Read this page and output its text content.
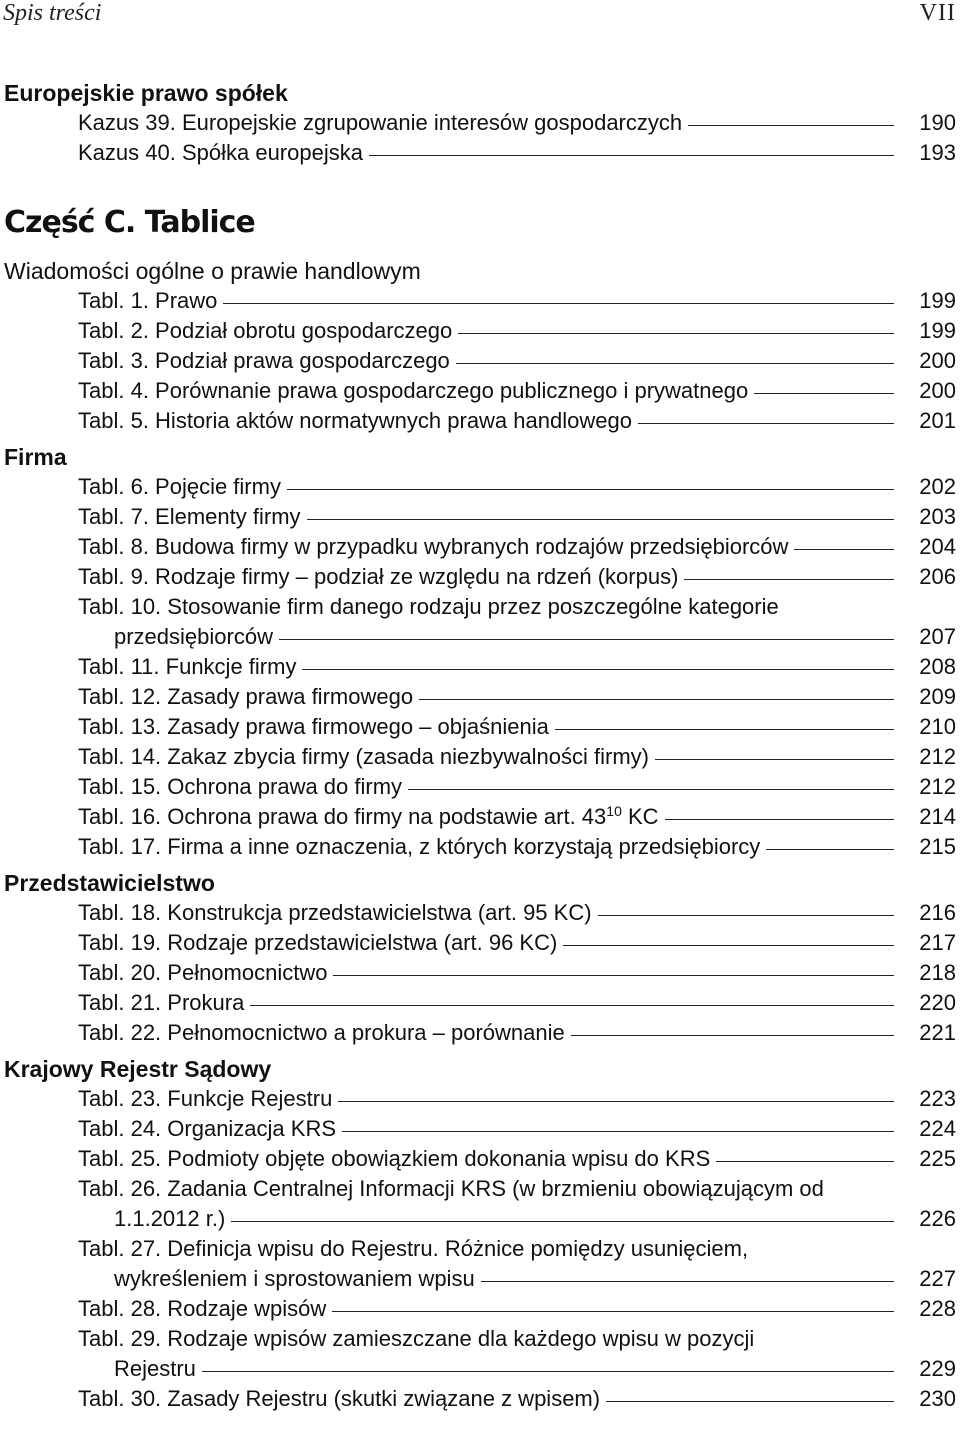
Spis treści	VII
Europejskie prawo spółek
Kazus 39. Europejskie zgrupowanie interesów gospodarczych	190
Kazus 40. Spółka europejska	193
Część C. Tablice
Wiadomości ogólne o prawie handlowym
Tabl. 1. Prawo	199
Tabl. 2. Podział obrotu gospodarczego	199
Tabl. 3. Podział prawa gospodarczego	200
Tabl. 4. Porównanie prawa gospodarczego publicznego i prywatnego	200
Tabl. 5. Historia aktów normatywnych prawa handlowego	201
Firma
Tabl. 6. Pojęcie firmy	202
Tabl. 7. Elementy firmy	203
Tabl. 8. Budowa firmy w przypadku wybranych rodzajów przedsiębiorców	204
Tabl. 9. Rodzaje firmy – podział ze względu na rdzeń (korpus)	206
Tabl. 10. Stosowanie firm danego rodzaju przez poszczególne kategorie
przedsiębiorców	207
Tabl. 11. Funkcje firmy	208
Tabl. 12. Zasady prawa firmowego	209
Tabl. 13. Zasady prawa firmowego – objaśnienia	210
Tabl. 14. Zakaz zbycia firmy (zasada niezbywalności firmy)	212
Tabl. 15. Ochrona prawa do firmy	212
Tabl. 16. Ochrona prawa do firmy na podstawie art. $43^{10}$ KC	214
Tabl. 17. Firma a inne oznaczenia, z których korzystają przedsiębiorcy	215
Przedstawicielstwo
Tabl. 18. Konstrukcja przedstawicielstwa (art. 95 KC)	216
Tabl. 19. Rodzaje przedstawicielstwa (art. 96 KC)	217
Tabl. 20. Pełnomocnictwo	218
Tabl. 21. Prokura	220
Tabl. 22. Pełnomocnictwo a prokura – porównanie	221
Krajowy Rejestr Sądowy
Tabl. 23. Funkcje Rejestru	223
Tabl. 24. Organizacja KRS	224
Tabl. 25. Podmioty objęte obowiązkiem dokonania wpisu do KRS	225
Tabl. 26. Zadania Centralnej Informacji KRS (w brzmieniu obowiązującym od
1.1.2012 r.)	226
Tabl. 27. Definicja wpisu do Rejestru. Różnice pomiędzy usunięciem,
wykreśleniem i sprostowaniem wpisu	227
Tabl. 28. Rodzaje wpisów	228
Tabl. 29. Rodzaje wpisów zamieszczane dla każdego wpisu w pozycji
Rejestru	229
Tabl. 30. Zasady Rejestru (skutki związane z wpisem)	230
